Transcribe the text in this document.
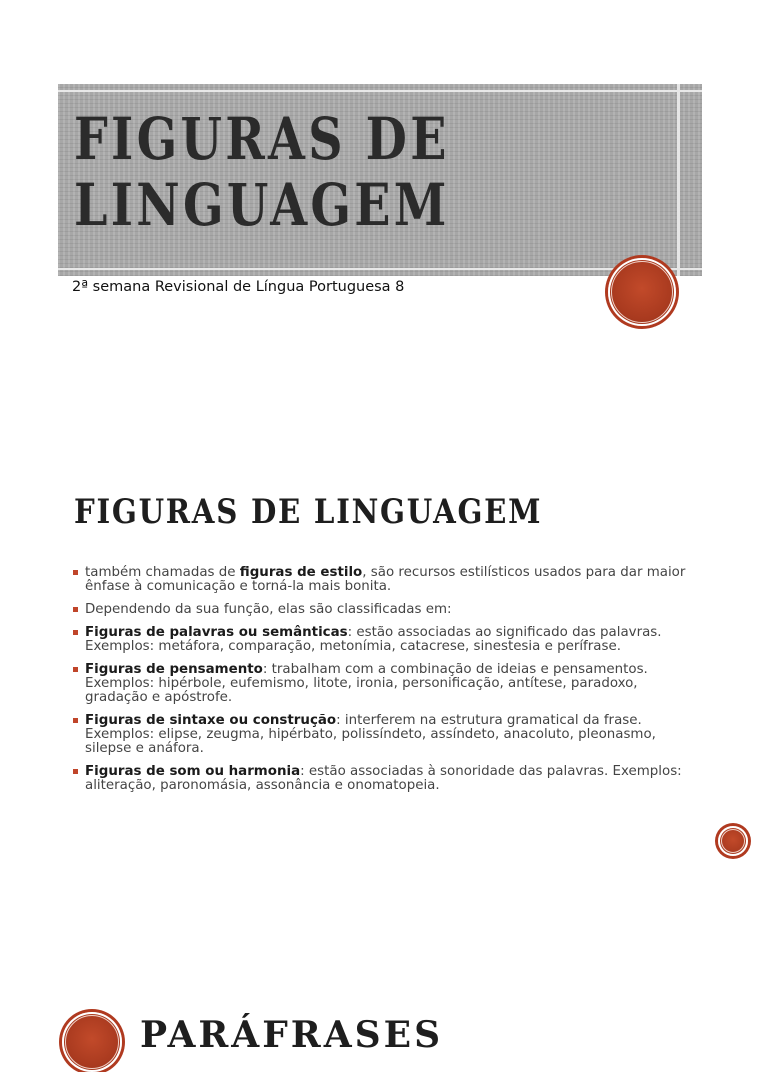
FIGURAS DE LINGUAGEM

2ª semana Revisional de Língua Portuguesa 8

FIGURAS DE LINGUAGEM
também chamadas de figuras de estilo, são recursos estilísticos usados para dar maior ênfase à comunicação e torná-la mais bonita.
Dependendo da sua função, elas são classificadas em:
Figuras de palavras ou semânticas: estão associadas ao significado das palavras. Exemplos: metáfora, comparação, metonímia, catacrese, sinestesia e perífrase.
Figuras de pensamento: trabalham com a combinação de ideias e pensamentos. Exemplos: hipérbole, eufemismo, litote, ironia, personificação, antítese, paradoxo, gradação e apóstrofe.
Figuras de sintaxe ou construção: interferem na estrutura gramatical da frase. Exemplos: elipse, zeugma, hipérbato, polissíndeto, assíndeto, anacoluto, pleonasmo, silepse e anáfora.
Figuras de som ou harmonia: estão associadas à sonoridade das palavras. Exemplos: aliteração, paronomásia, assonância e onomatopeia.
PARÁFRASES
